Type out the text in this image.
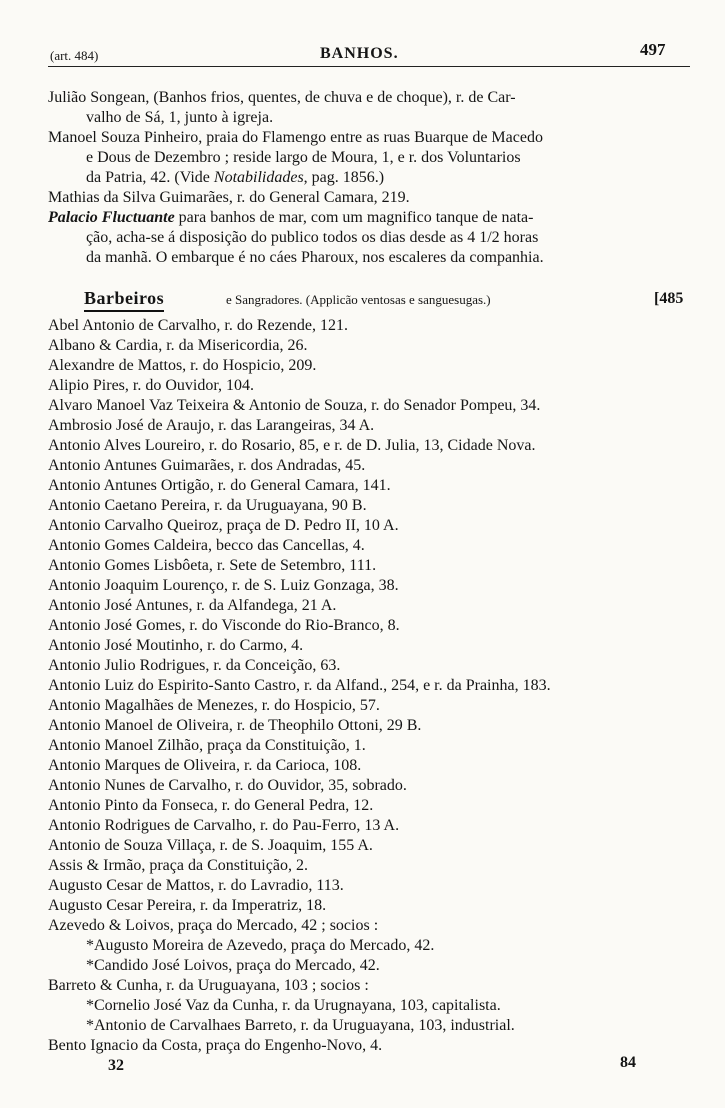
(art. 484)	BANHOS.	497
Julião Songean, (Banhos frios, quentes, de chuva e de choque), r. de Car-
valho de Sá, 1, junto à igreja.
Manoel Souza Pinheiro, praia do Flamengo entre as ruas Buarque de Macedo
e Dous de Dezembro ; reside largo de Moura, 1, e r. dos Voluntarios
da Patria, 42. (Vide Notabilidades, pag. 1856.)
Mathias da Silva Guimarães, r. do General Camara, 219.
Palacio Fluctuante para banhos de mar, com um magnifico tanque de nata-
ção, acha-se á disposição do publico todos os dias desde as 4 1/2 horas
da manhã. O embarque é no cáes Pharoux, nos escaleres da companhia.
Barbeiros	e Sangradores. (Applicão ventosas e sanguesugas.)	[485
Abel Antonio de Carvalho, r. do Rezende, 121.
Albano & Cardia, r. da Misericordia, 26.
Alexandre de Mattos, r. do Hospicio, 209.
Alipio Pires, r. do Ouvidor, 104.
Alvaro Manoel Vaz Teixeira & Antonio de Souza, r. do Senador Pompeu, 34.
Ambrosio José de Araujo, r. das Larangeiras, 34 A.
Antonio Alves Loureiro, r. do Rosario, 85, e r. de D. Julia, 13, Cidade Nova.
Antonio Antunes Guimarães, r. dos Andradas, 45.
Antonio Antunes Ortigão, r. do General Camara, 141.
Antonio Caetano Pereira, r. da Uruguayana, 90 B.
Antonio Carvalho Queiroz, praça de D. Pedro II, 10 A.
Antonio Gomes Caldeira, becco das Cancellas, 4.
Antonio Gomes Lisbôeta, r. Sete de Setembro, 111.
Antonio Joaquim Lourenço, r. de S. Luiz Gonzaga, 38.
Antonio José Antunes, r. da Alfandega, 21 A.
Antonio José Gomes, r. do Visconde do Rio-Branco, 8.
Antonio José Moutinho, r. do Carmo, 4.
Antonio Julio Rodrigues, r. da Conceição, 63.
Antonio Luiz do Espirito-Santo Castro, r. da Alfand., 254, e r. da Prainha, 183.
Antonio Magalhães de Menezes, r. do Hospicio, 57.
Antonio Manoel de Oliveira, r. de Theophilo Ottoni, 29 B.
Antonio Manoel Zilhão, praça da Constituição, 1.
Antonio Marques de Oliveira, r. da Carioca, 108.
Antonio Nunes de Carvalho, r. do Ouvidor, 35, sobrado.
Antonio Pinto da Fonseca, r. do General Pedra, 12.
Antonio Rodrigues de Carvalho, r. do Pau-Ferro, 13 A.
Antonio de Souza Villaça, r. de S. Joaquim, 155 A.
Assis & Irmão, praça da Constituição, 2.
Augusto Cesar de Mattos, r. do Lavradio, 113.
Augusto Cesar Pereira, r. da Imperatriz, 18.
Azevedo & Loivos, praça do Mercado, 42 ; socios :
*Augusto Moreira de Azevedo, praça do Mercado, 42.
*Candido José Loivos, praça do Mercado, 42.
Barreto & Cunha, r. da Uruguayana, 103 ; socios :
*Cornelio José Vaz da Cunha, r. da Urugnayana, 103, capitalista.
*Antonio de Carvalhaes Barreto, r. da Uruguayana, 103, industrial.
Bento Ignacio da Costa, praça do Engenho-Novo, 4.
32	84
